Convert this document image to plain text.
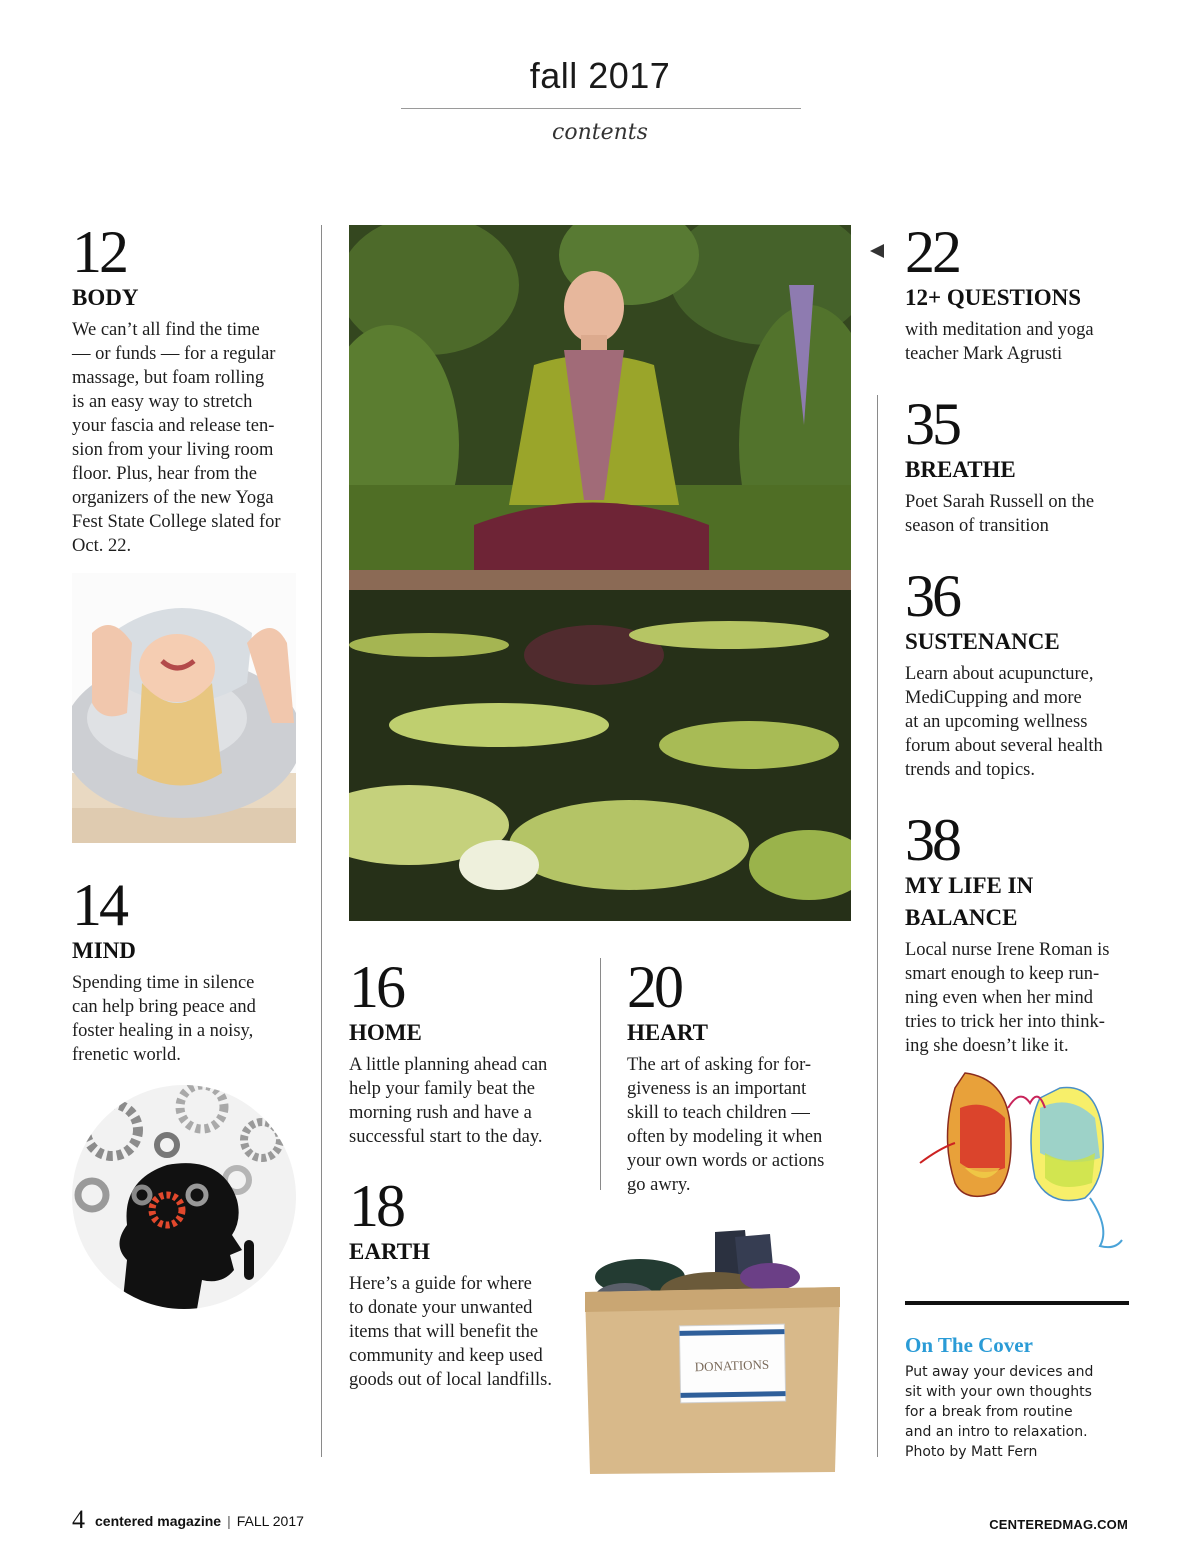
fall 2017
contents
12
BODY
We can’t all find the time
— or funds — for a regular
massage, but foam rolling
is an easy way to stretch
your fascia and release ten-
sion from your living room
floor. Plus, hear from the
organizers of the new Yoga
Fest State College slated for
Oct. 22.
14
MIND
Spending time in silence
can help bring peace and
foster healing in a noisy,
frenetic world.
16
HOME
A little planning ahead can
help your family beat the
morning rush and have a
successful start to the day.
18
EARTH
Here’s a guide for where
to donate your unwanted
items that will benefit the
community and keep used
goods out of local landfills.
20
HEART
The art of asking for for-
giveness is an important
skill to teach children —
often by modeling it when
your own words or actions
go awry.
DONATIONS
22
12+ QUESTIONS
with meditation and yoga
teacher Mark Agrusti
35
BREATHE
Poet Sarah Russell on the
season of transition
36
SUSTENANCE
Learn about acupuncture,
MediCupping and more
at an upcoming wellness
forum about several health
trends and topics.
38
MY LIFE IN
BALANCE
Local nurse Irene Roman is
smart enough to keep run-
ning even when her mind
tries to trick her into think-
ing she doesn’t like it.
On The Cover
Put away your devices and
sit with your own thoughts
for a break from routine
and an intro to relaxation.
Photo by Matt Fern
4 centered magazine | FALL 2017	CENTEREDMAG.COM
